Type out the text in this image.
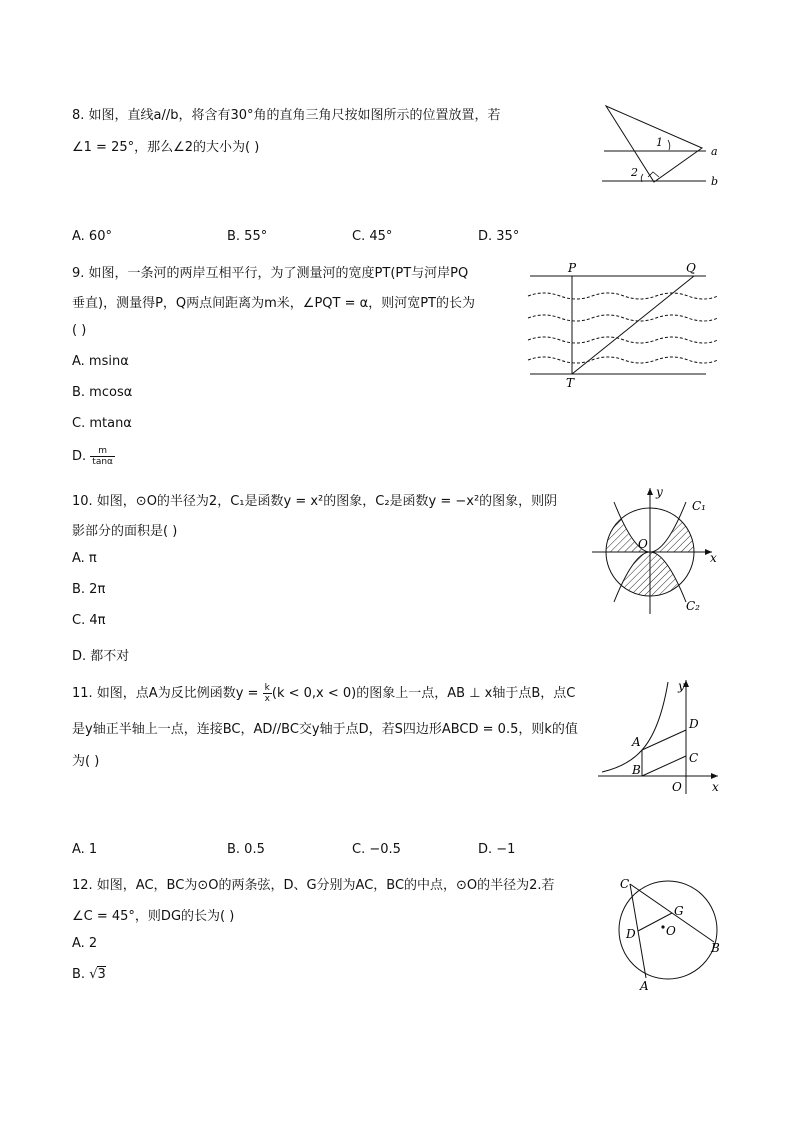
8. 如图，直线a//b，将含有30°角的直角三角尺按如图所示的位置放置，若
∠1 = 25°，那么∠2的大小为( )
A. 60°	B. 55°	C. 45°	D. 35°
1
2
a
b
9. 如图，一条河的两岸互相平行，为了测量河的宽度PT(PT与河岸PQ
垂直)，测量得P，Q两点间距离为m米，∠PQT = α，则河宽PT的长为
( )
A. msinα
B. mcosα
C. mtanα
D. $\frac{m}{\tan\alpha}$
P	Q
T
10. 如图，⊙O的半径为2，C₁是函数y = x²的图象，C₂是函数y = −x²的图象，则阴
影部分的面积是( )
A. π
B. 2π
C. 4π
D. 都不对
y
x
O
C₁
C₂
11. 如图，点A为反比例函数$y = \frac{k}{x} (k < 0,x < 0)$的图象上一点，AB ⊥ x轴于点B，点C
是y轴正半轴上一点，连接BC，AD//BC交y轴于点D，若S四边形ABCD = 0.5，则k的值
为( )
A. 1	B. 0.5	C. −0.5	D. −1
y
x
O
A
B
C
D
12. 如图，AC，BC为⊙O的两条弦，D、G分别为AC，BC的中点，⊙O的半径为2.若
∠C = 45°，则DG的长为( )
A. 2
B. √3
C
G
D	O
B
A
